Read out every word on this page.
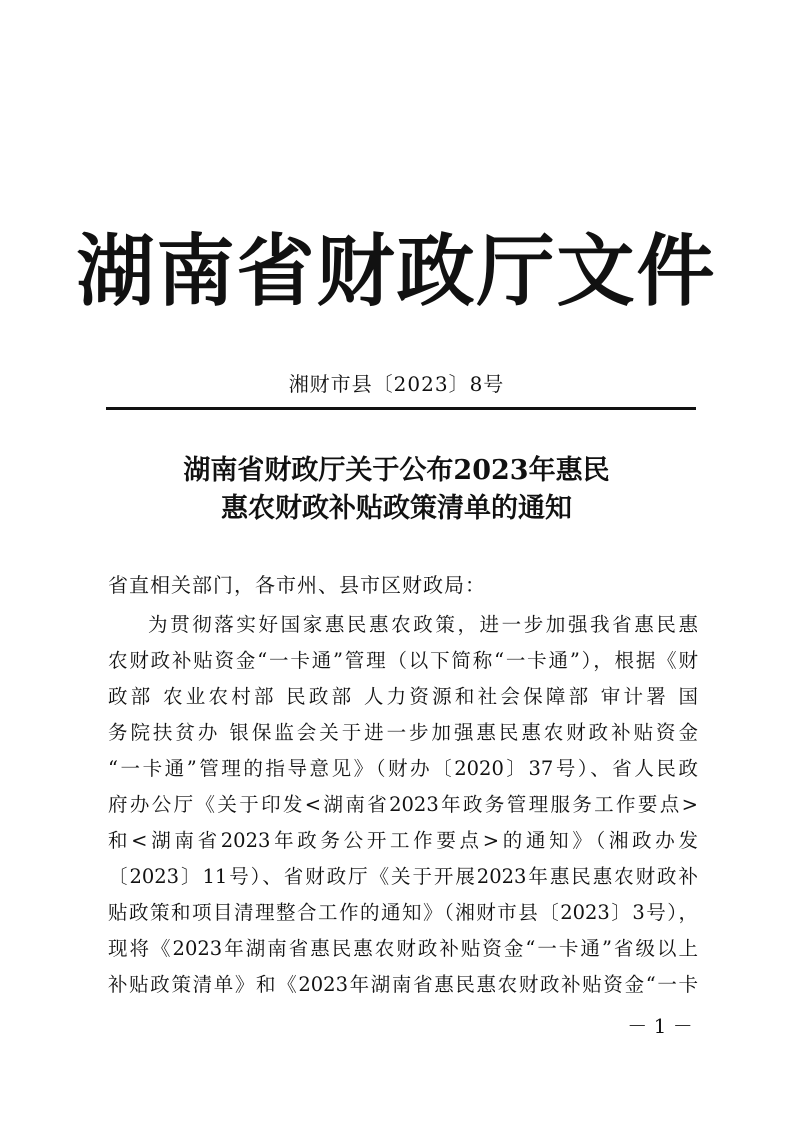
湖南省财政厅文件
湘财市县〔2023〕8号
湖南省财政厅关于公布2023年惠民
惠农财政补贴政策清单的通知
省直相关部门，各市州、县市区财政局：
为贯彻落实好国家惠民惠农政策，进一步加强我省惠民惠
农财政补贴资金“一卡通”管理（以下简称“一卡通”），根据《财
政部 农业农村部 民政部 人力资源和社会保障部 审计署 国
务院扶贫办 银保监会关于进一步加强惠民惠农财政补贴资金
“一卡通”管理的指导意见》（财办〔2020〕37号）、省人民政
府办公厅《关于印发<湖南省2023年政务管理服务工作要点>
和<湖南省2023年政务公开工作要点>的通知》（湘政办发
〔2023〕11号）、省财政厅《关于开展2023年惠民惠农财政补
贴政策和项目清理整合工作的通知》（湘财市县〔2023〕3号），
现将《2023年湖南省惠民惠农财政补贴资金“一卡通”省级以上
补贴政策清单》和《2023年湖南省惠民惠农财政补贴资金“一卡
－ 1 －
